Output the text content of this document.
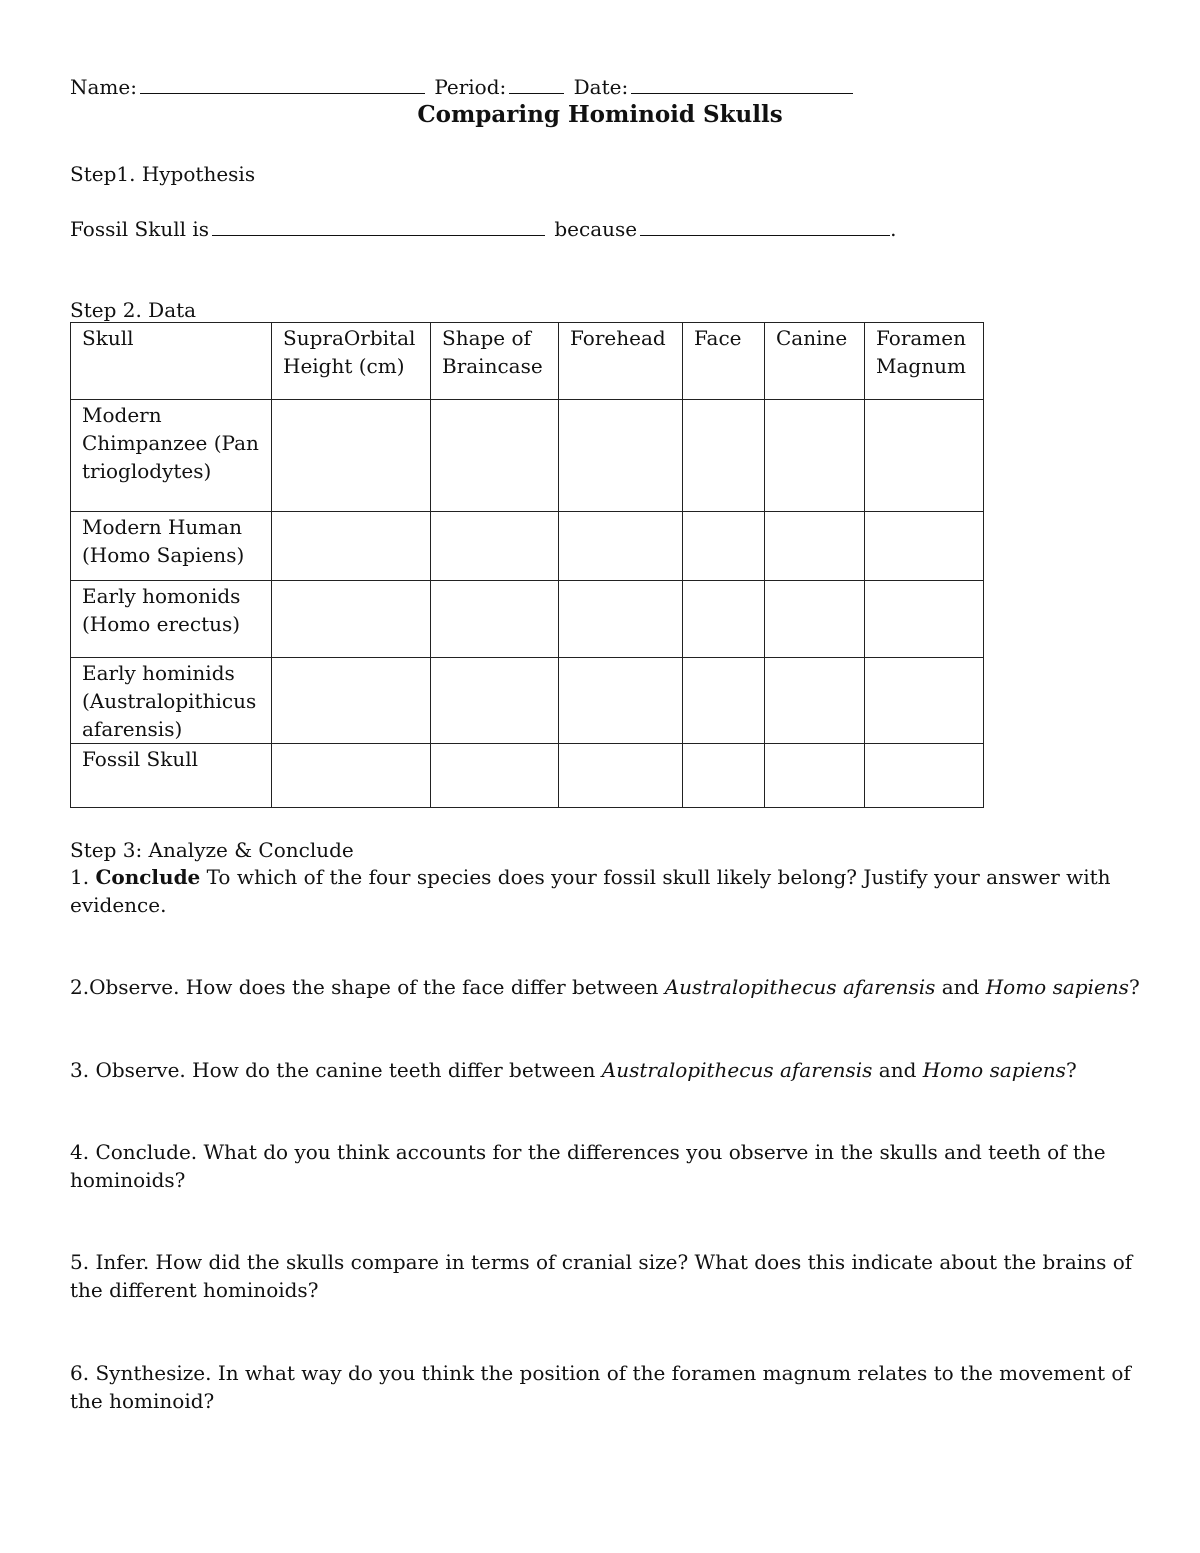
Name:	Period:	Date:
Comparing Hominoid Skulls
Step1. Hypothesis
Fossil Skull is	because	.
Step 2. Data
Skull	SupraOrbital Height (cm)	Shape of Braincase	Forehead	Face	Canine	Foramen Magnum
Modern Chimpanzee (Pan trioglodytes)						
Modern Human (Homo Sapiens)						
Early homonids (Homo erectus)						
Early hominids (Australopithicus afarensis)						
Fossil Skull						
Step 3: Analyze & Conclude
1. Conclude To which of the four species does your fossil skull likely belong? Justify your answer with evidence.
2.Observe. How does the shape of the face differ between Australopithecus afarensis and Homo sapiens?
3. Observe. How do the canine teeth differ between Australopithecus afarensis and Homo sapiens?
4. Conclude. What do you think accounts for the differences you observe in the skulls and teeth of the hominoids?
5. Infer. How did the skulls compare in terms of cranial size? What does this indicate about the brains of the different hominoids?
6. Synthesize. In what way do you think the position of the foramen magnum relates to the movement of the hominoid?
